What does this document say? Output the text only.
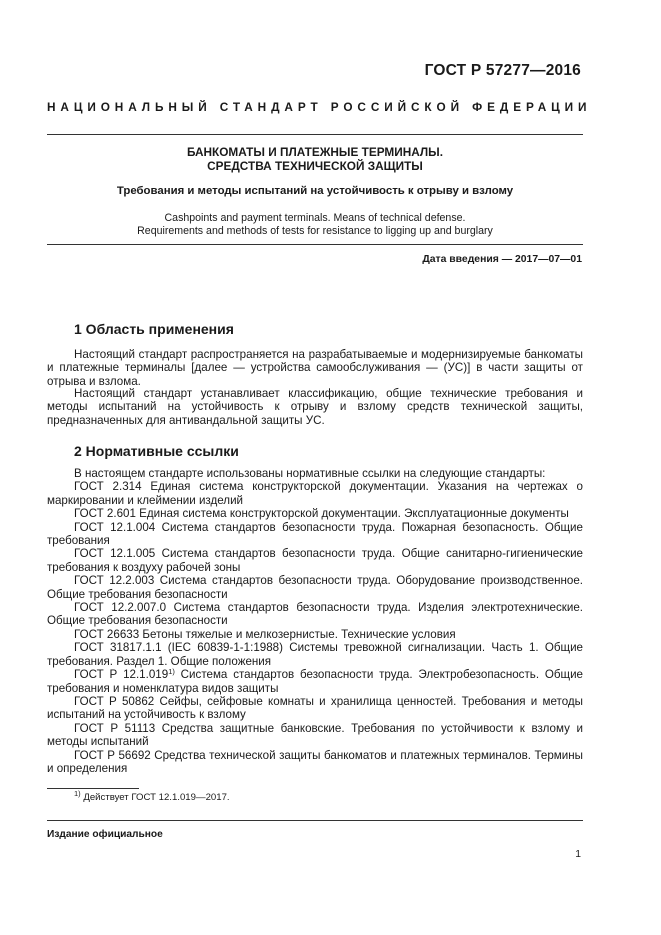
ГОСТ Р 57277—2016
НАЦИОНАЛЬНЫЙ СТАНДАРТ РОССИЙСКОЙ ФЕДЕРАЦИИ
БАНКОМАТЫ И ПЛАТЕЖНЫЕ ТЕРМИНАЛЫ.
СРЕДСТВА ТЕХНИЧЕСКОЙ ЗАЩИТЫ
Требования и методы испытаний на устойчивость к отрыву и взлому
Cashpoints and payment terminals. Means of technical defense.
Requirements and methods of tests for resistance to ligging up and burglary
Дата введения — 2017—07—01
1 Область применения

Настоящий стандарт распространяется на разрабатываемые и модернизируемые банкоматы и платежные терминалы [далее — устройства самообслуживания — (УС)] в части защиты от отрыва и взлома.

Настоящий стандарт устанавливает классификацию, общие технические требования и методы испытаний на устойчивость к отрыву и взлому средств технической защиты, предназначенных для антивандальной защиты УС.

2 Нормативные ссылки

В настоящем стандарте использованы нормативные ссылки на следующие стандарты:

ГОСТ 2.314 Единая система конструкторской документации. Указания на чертежах о маркировании и клеймении изделий

ГОСТ 2.601 Единая система конструкторской документации. Эксплуатационные документы

ГОСТ 12.1.004 Система стандартов безопасности труда. Пожарная безопасность. Общие требования

ГОСТ 12.1.005 Система стандартов безопасности труда. Общие санитарно-гигиенические требования к воздуху рабочей зоны

ГОСТ 12.2.003 Система стандартов безопасности труда. Оборудование производственное. Общие требования безопасности

ГОСТ 12.2.007.0 Система стандартов безопасности труда. Изделия электротехнические. Общие требования безопасности

ГОСТ 26633 Бетоны тяжелые и мелкозернистые. Технические условия

ГОСТ 31817.1.1 (IEC 60839-1-1:1988) Системы тревожной сигнализации. Часть 1. Общие требования. Раздел 1. Общие положения

ГОСТ Р 12.1.019$^{1)}$ Система стандартов безопасности труда. Электробезопасность. Общие требования и номенклатура видов защиты

ГОСТ Р 50862 Сейфы, сейфовые комнаты и хранилища ценностей. Требования и методы испытаний на устойчивость к взлому

ГОСТ Р 51113 Средства защитные банковские. Требования по устойчивости к взлому и методы испытаний

ГОСТ Р 56692 Средства технической защиты банкоматов и платежных терминалов. Термины и определения

$^{1)}$ Действует ГОСТ 12.1.019—2017.
Издание официальное
1
